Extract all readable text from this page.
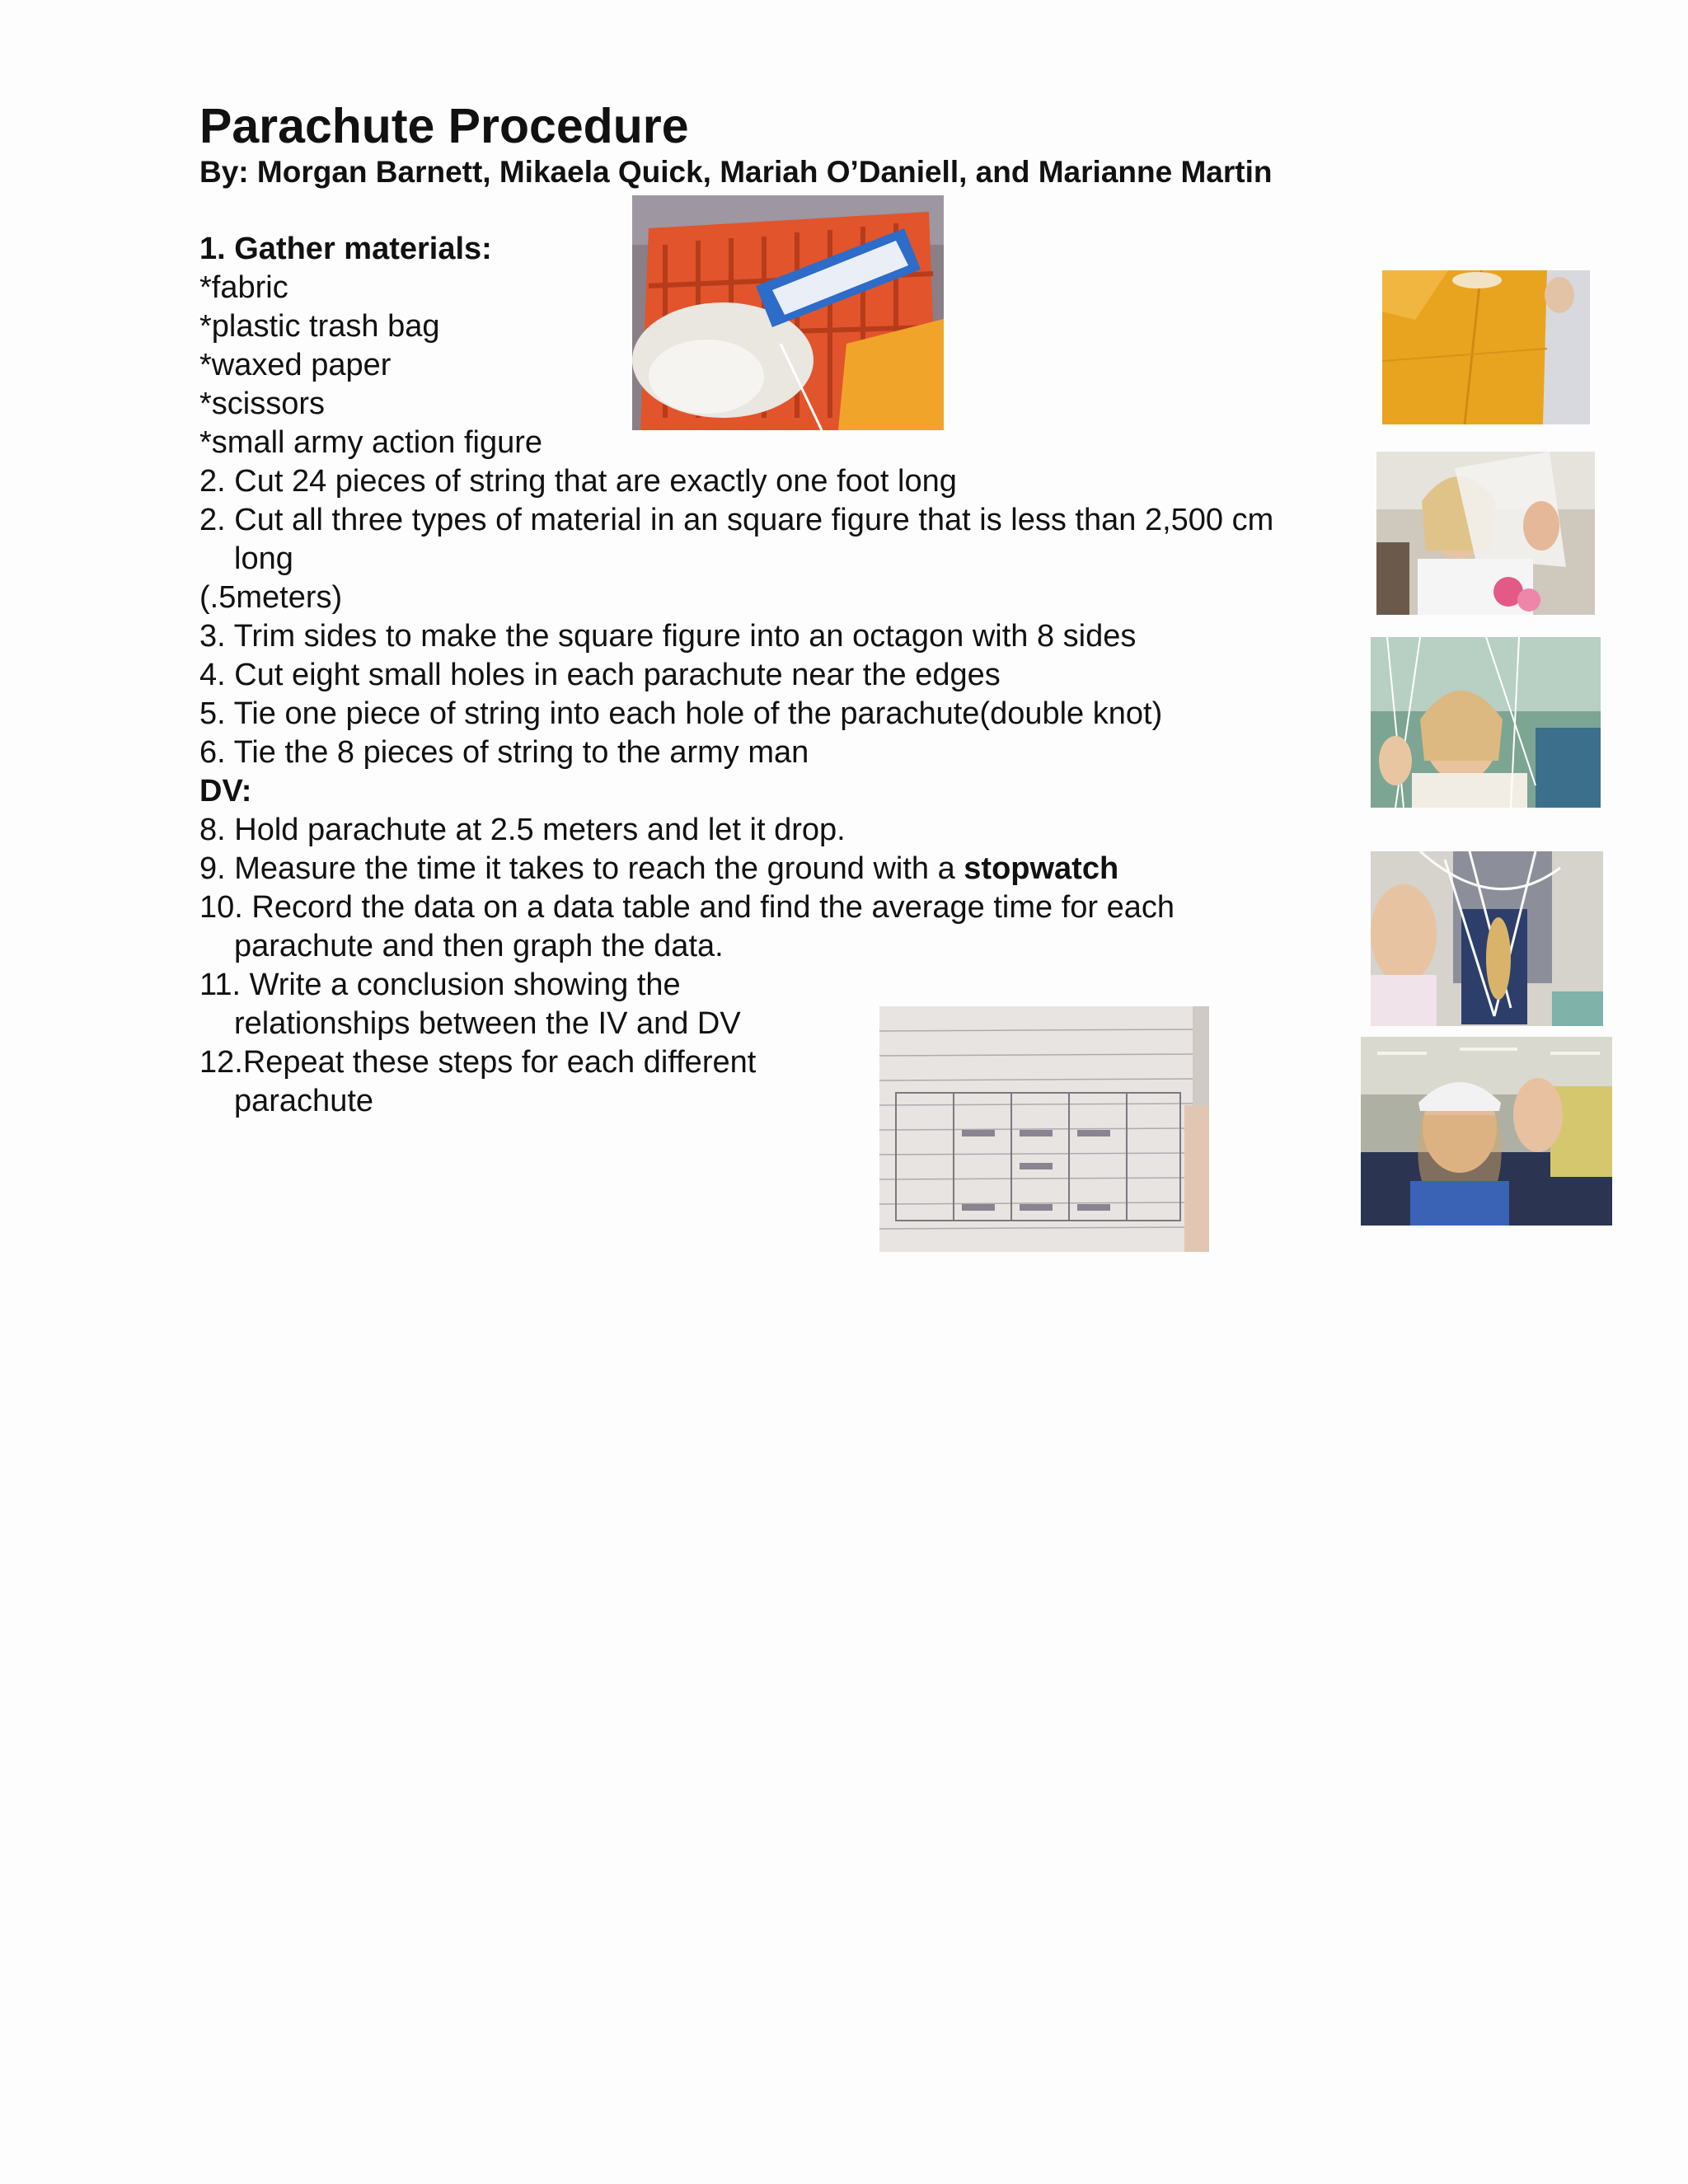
Parachute Procedure

By: Morgan Barnett, Mikaela Quick, Mariah O’Daniell, and Marianne Martin

1. Gather materials:
*fabric
*plastic trash bag
*waxed paper
*scissors
*small army action figure
2. Cut 24 pieces of string that are exactly one foot long
2. Cut all three types of material in an square figure that is less than 2,500 cm
long
(.5meters)
3. Trim sides to make the square figure into an octagon with 8 sides
4. Cut eight small holes in each parachute near the edges
5. Tie one piece of string into each hole of the parachute(double knot)
6. Tie the 8 pieces of string to the army man
DV:
8. Hold parachute at 2.5 meters and let it drop.
9. Measure the time it takes to reach the ground with a stopwatch
10. Record the data on a data table and find the average time for each
parachute and then graph the data.
11. Write a conclusion showing the
relationships between the IV and DV
12.Repeat these steps for each different
parachute
